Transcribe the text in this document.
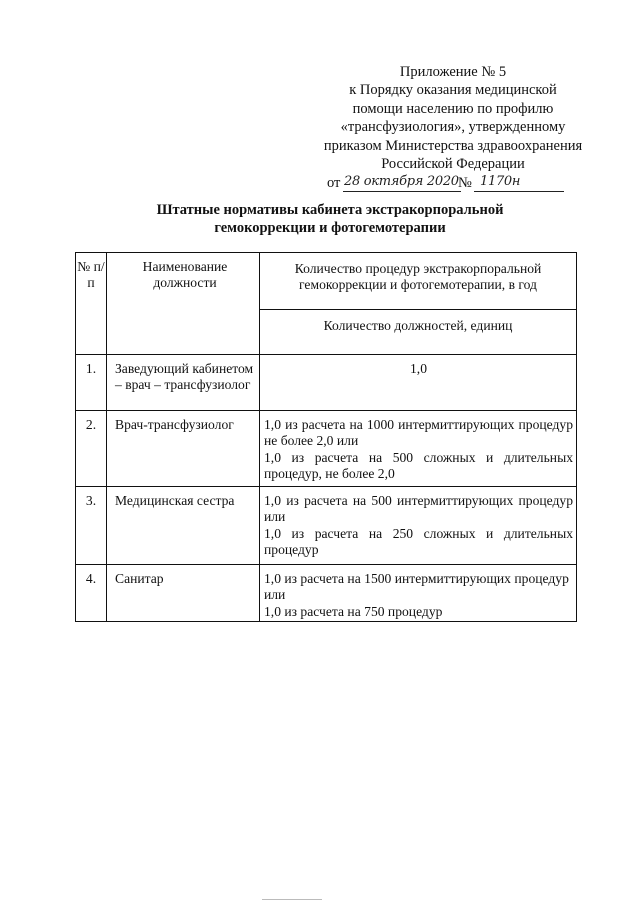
Приложение № 5
к Порядку оказания медицинской
помощи населению по профилю
«трансфузиология», утвержденному
приказом Министерства здравоохранения
Российской Федерации
от 28 октября 2020 № 1170н
Штатные нормативы кабинета экстракорпоральной
гемокоррекции и фотогемотерапии
№ п/п	Наименование должности	Количество процедур экстракорпоральной гемокоррекции и фотогемотерапии, в год
		Количество должностей, единиц
1.	Заведующий кабинетом – врач – трансфузиолог	1,0

2.	Врач-трансфузиолог	1,0 из расчета на 1000 интермиттирующих процедур не более 2,0 или

1,0 из расчета на 500 сложных и длительных процедур, не более 2,0

3.	Медицинская сестра	1,0 из расчета на 500 интермиттирующих процедур или

1,0 из расчета на 250 сложных и длительных процедур

4.	Санитар	1,0 из расчета на 1500 интермиттирующих процедур или

1,0 из расчета на 750 процедур
